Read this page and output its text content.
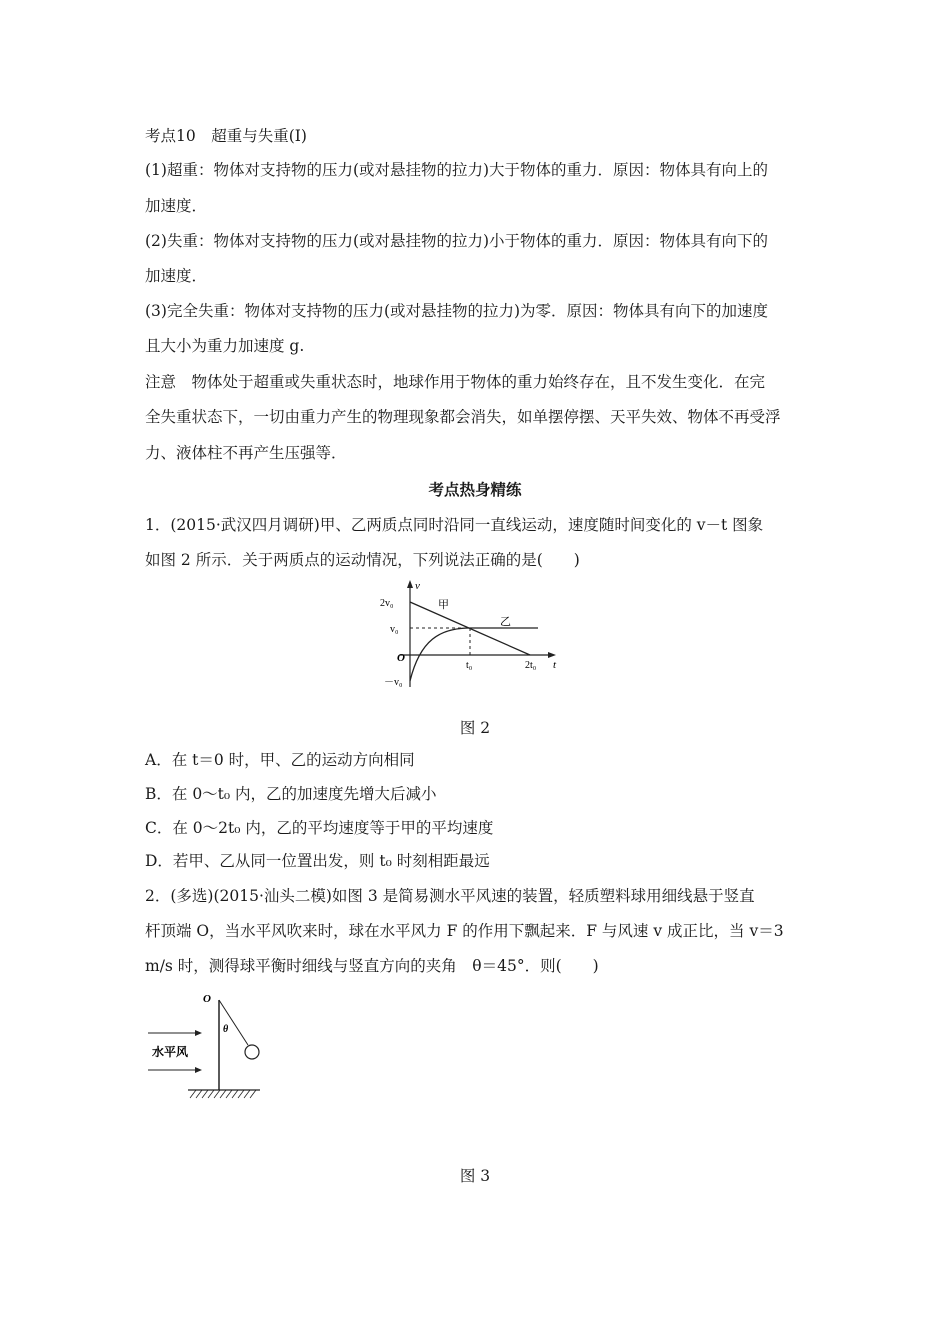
考点10　超重与失重(Ⅰ)
(1)超重：物体对支持物的压力(或对悬挂物的拉力)大于物体的重力．原因：物体具有向上的
加速度．
(2)失重：物体对支持物的压力(或对悬挂物的拉力)小于物体的重力．原因：物体具有向下的
加速度．
(3)完全失重：物体对支持物的压力(或对悬挂物的拉力)为零．原因：物体具有向下的加速度
且大小为重力加速度 g.
注意　物体处于超重或失重状态时，地球作用于物体的重力始终存在，且不发生变化．在完
全失重状态下，一切由重力产生的物理现象都会消失，如单摆停摆、天平失效、物体不再受浮
力、液体柱不再产生压强等．
考点热身精练
1．(2015·武汉四月调研)甲、乙两质点同时沿同一直线运动，速度随时间变化的 v－t 图象
如图 2 所示．关于两质点的运动情况，下列说法正确的是(　　)
v
t
2v₀
v₀
－v₀
O
t₀	2t₀
甲
乙
图 2
A．在 t＝0 时，甲、乙的运动方向相同
B．在 0～t₀ 内，乙的加速度先增大后减小
C．在 0～2t₀ 内，乙的平均速度等于甲的平均速度
D．若甲、乙从同一位置出发，则 t₀ 时刻相距最远
2．(多选)(2015·汕头二模)如图 3 是简易测水平风速的装置，轻质塑料球用细线悬于竖直
杆顶端 O，当水平风吹来时，球在水平风力 F 的作用下飘起来．F 与风速 v 成正比，当 v＝3
m/s 时，测得球平衡时细线与竖直方向的夹角　θ＝45°．则(　　)
O
θ
水平风
图 3
